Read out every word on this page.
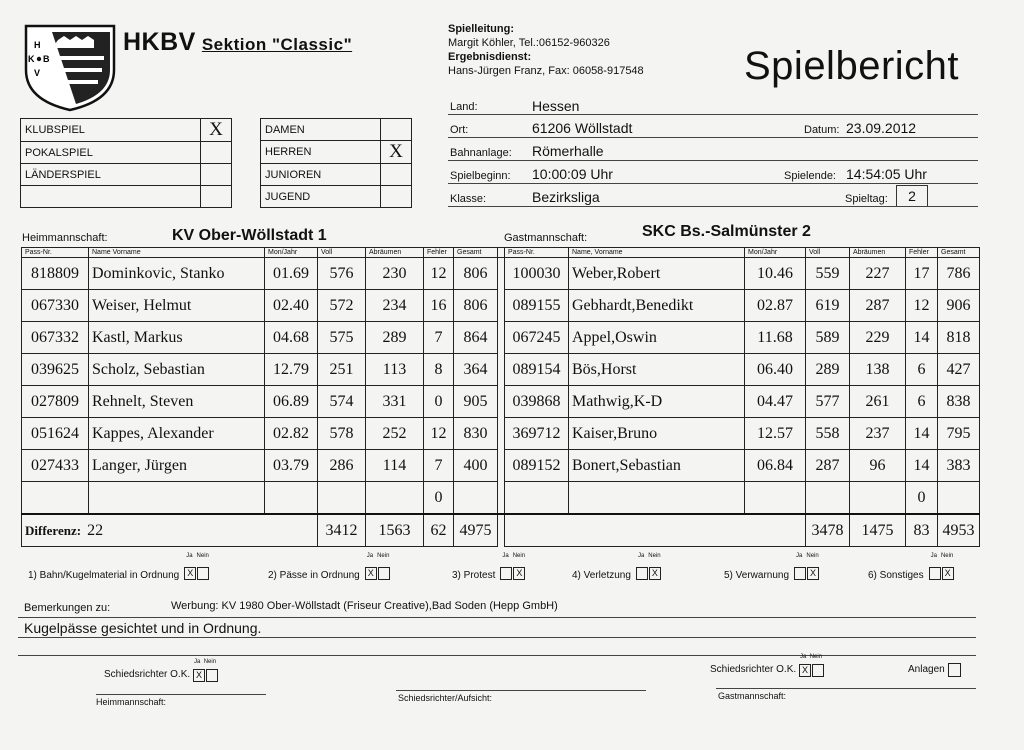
H
K B
V
HKBV Sektion "Classic"
Spielleitung:
Margit Köhler, Tel.:06152-960326
Ergebnisdienst:
Hans-Jürgen Franz, Fax: 06058-917548	Spielbericht
KLUBSPIEL	X
POKALSPIEL	
LÄNDERSPIEL	

DAMEN	
HERREN	X
JUNIOREN	
JUGEND	
Land:	Hessen
Ort:	61206 Wöllstadt	Datum: 23.09.2012
Bahnanlage: Römerhalle
Spielbeginn: 10:00:09 Uhr	Spielende: 14:54:05 Uhr
Klasse:	Bezirksliga	Spieltag:	2
Heimmannschaft:	KV Ober-Wöllstadt 1	Gastmannschaft:	SKC Bs.-Salmünster 2
Pass-Nr.	Name Vorname	Mon/Jahr	Voll	Abräumen	Fehler	Gesamt		Pass-Nr.	Name, Vorname	Mon/Jahr	Voll	Abräumen	Fehler	Gesamt
818809	Dominkovic, Stanko	01.69	576	230	12	806		100030	Weber,Robert	10.46	559	227	17	786
067330	Weiser, Helmut	02.40	572	234	16	806		089155	Gebhardt,Benedikt	02.87	619	287	12	906
067332	Kastl, Markus	04.68	575	289	7	864		067245	Appel,Oswin	11.68	589	229	14	818
039625	Scholz, Sebastian	12.79	251	113	8	364		089154	Bös,Horst	06.40	289	138	6	427
027809	Rehnelt, Steven	06.89	574	331	0	905		039868	Mathwig,K-D	04.47	577	261	6	838
051624	Kappes, Alexander	02.82	578	252	12	830		369712	Kaiser,Bruno	12.57	558	237	14	795
027433	Langer, Jürgen	03.79	286	114	7	400		089152	Bonert,Sebastian	06.84	287	96	14	383
					0								0	
Differenz: 22			3412	1563	62	4975					3478	1475	83	4953
1) Bahn/Kugelmaterial in Ordnung
Ja Nein
X	2) Pässe in Ordnung
Ja Nein
X	3) Protest
Ja Nein
X	4) Verletzung
Ja Nein
X	5) Verwarnung
Ja Nein
X	6) Sonstiges
Ja Nein
X
Bemerkungen zu:	Werbung: KV 1980 Ober-Wöllstadt (Friseur Creative),Bad Soden (Hepp GmbH)
Kugelpässe gesichtet und in Ordnung.
Schiedsrichter O.K.
Ja Nein
X
Schiedsrichter O.K.
Ja Nein
X	Anlagen
Heimmannschaft:	Schiedsrichter/Aufsicht:	Gastmannschaft:
